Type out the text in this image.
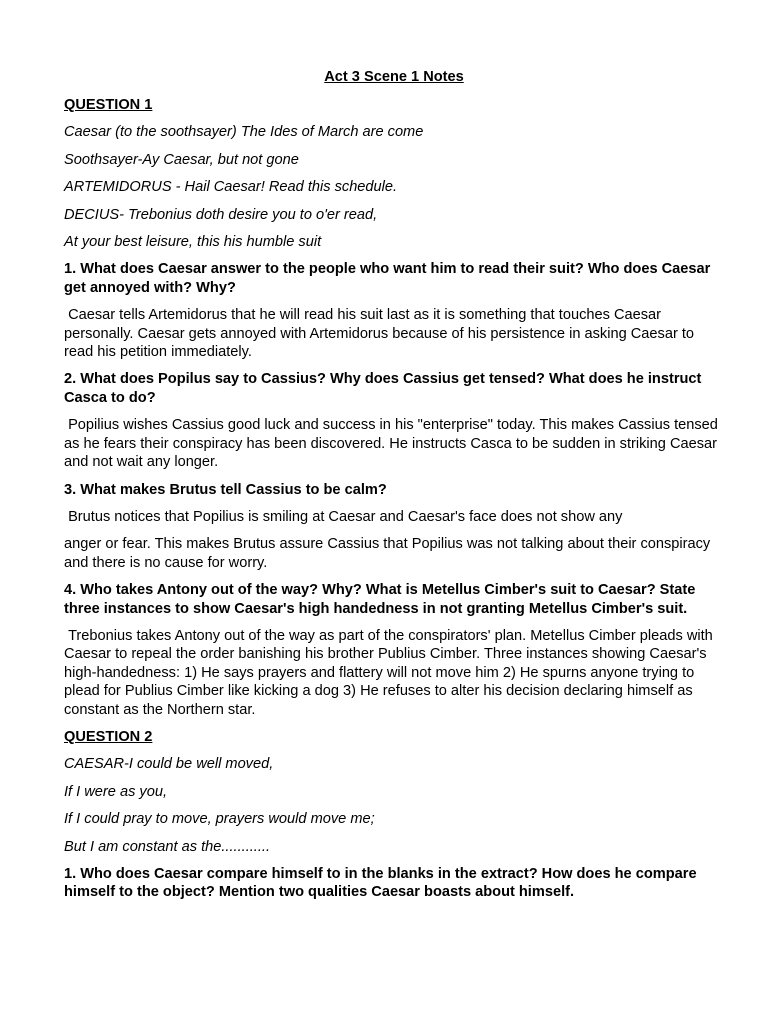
Act 3 Scene 1 Notes

QUESTION 1

Caesar (to the soothsayer) The Ides of March are come

Soothsayer-Ay Caesar, but not gone

ARTEMIDORUS - Hail Caesar! Read this schedule.

DECIUS- Trebonius doth desire you to o'er read,

At your best leisure, this his humble suit

1. What does Caesar answer to the people who want him to read their suit? Who does Caesar get annoyed with? Why?

Caesar tells Artemidorus that he will read his suit last as it is something that touches Caesar personally. Caesar gets annoyed with Artemidorus because of his persistence in asking Caesar to read his petition immediately.

2. What does Popilus say to Cassius? Why does Cassius get tensed? What does he instruct Casca to do?

Popilius wishes Cassius good luck and success in his "enterprise" today. This makes Cassius tensed as he fears their conspiracy has been discovered. He instructs Casca to be sudden in striking Caesar and not wait any longer.

3. What makes Brutus tell Cassius to be calm?

Brutus notices that Popilius is smiling at Caesar and Caesar's face does not show any

anger or fear. This makes Brutus assure Cassius that Popilius was not talking about their conspiracy and there is no cause for worry.

4. Who takes Antony out of the way? Why? What is Metellus Cimber's suit to Caesar? State three instances to show Caesar's high handedness in not granting Metellus Cimber's suit.

Trebonius takes Antony out of the way as part of the conspirators' plan. Metellus Cimber pleads with Caesar to repeal the order banishing his brother Publius Cimber. Three instances showing Caesar's high-handedness: 1) He says prayers and flattery will not move him 2) He spurns anyone trying to plead for Publius Cimber like kicking a dog 3) He refuses to alter his decision declaring himself as constant as the Northern star.

QUESTION 2

CAESAR-I could be well moved,

If I were as you,

If I could pray to move, prayers would move me;

But I am constant as the............

1. Who does Caesar compare himself to in the blanks in the extract? How does he compare himself to the object? Mention two qualities Caesar boasts about himself.
